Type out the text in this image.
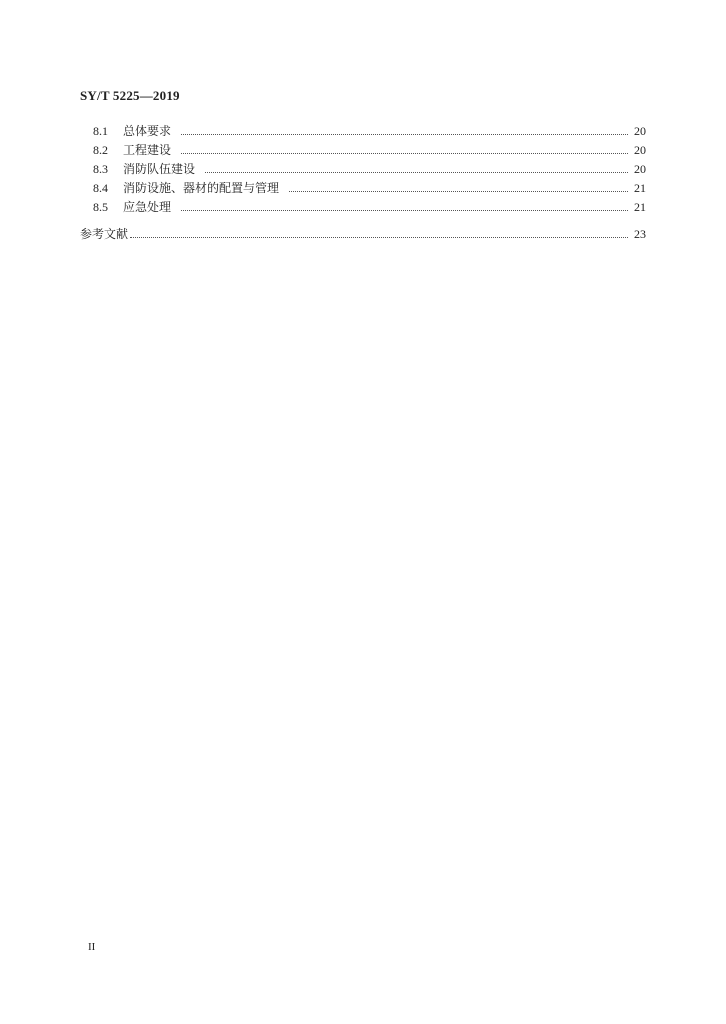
SY/T 5225—2019
8.1	总体要求	20
8.2	工程建设	20
8.3	消防队伍建设	20
8.4	消防设施、器材的配置与管理	21
8.5	应急处理	21
参考文献	23
II
